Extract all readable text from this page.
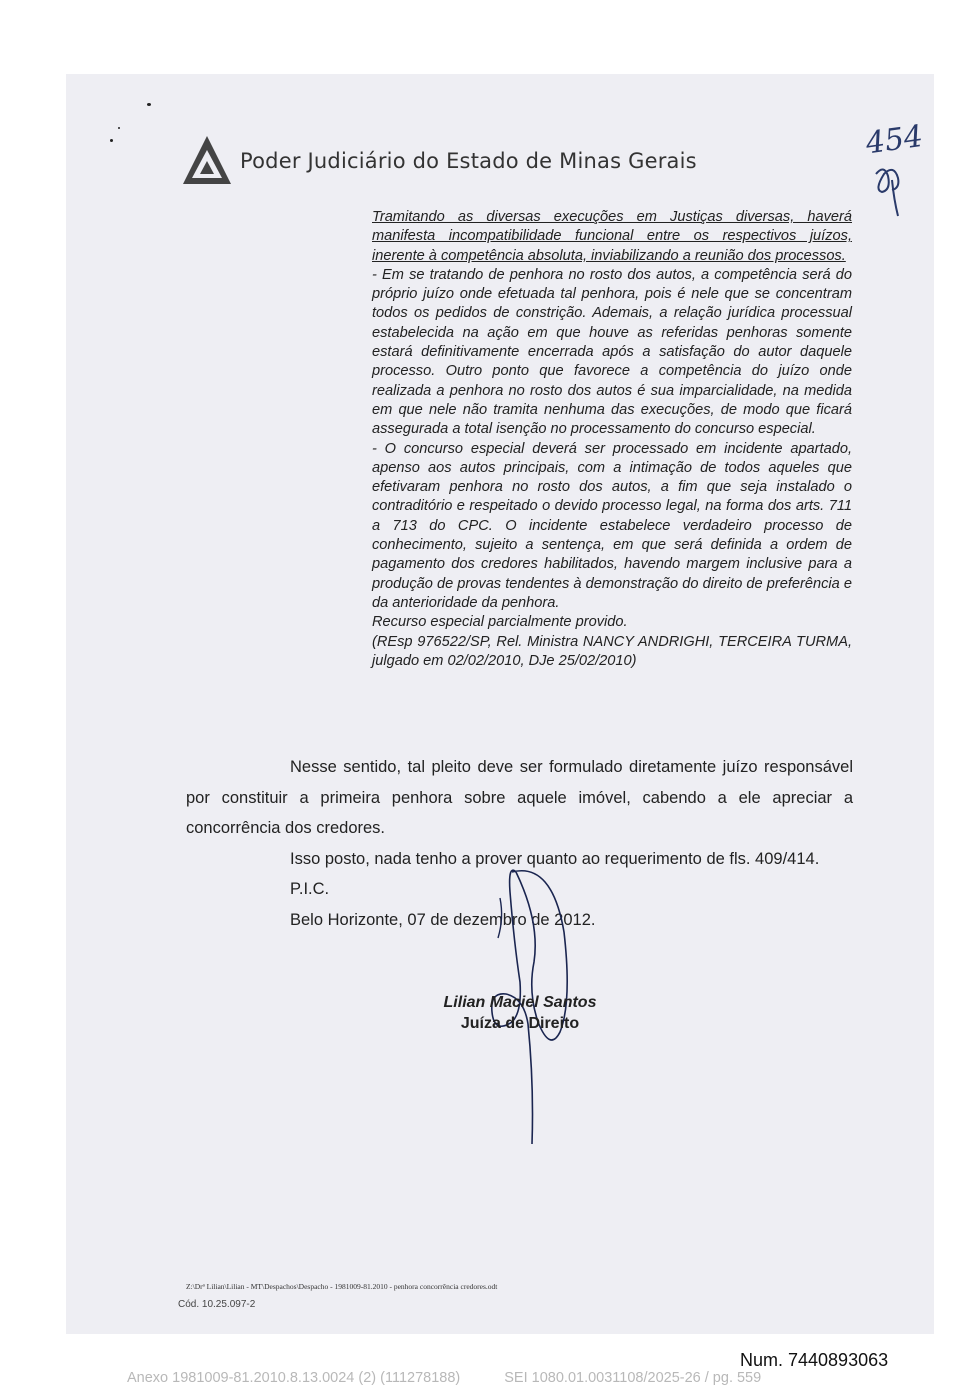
Poder Judiciário do Estado de Minas Gerais	454

Tramitando as diversas execuções em Justiças diversas, haverá manifesta incompatibilidade funcional entre os respectivos juízos, inerente à competência absoluta, inviabilizando a reunião dos processos.

- Em se tratando de penhora no rosto dos autos, a competência será do próprio juízo onde efetuada tal penhora, pois é nele que se concentram todos os pedidos de constrição. Ademais, a relação jurídica processual estabelecida na ação em que houve as referidas penhoras somente estará definitivamente encerrada após a satisfação do autor daquele processo. Outro ponto que favorece a competência do juízo onde realizada a penhora no rosto dos autos é sua imparcialidade, na medida em que nele não tramita nenhuma das execuções, de modo que ficará assegurada a total isenção no processamento do concurso especial.

- O concurso especial deverá ser processado em incidente apartado, apenso aos autos principais, com a intimação de todos aqueles que efetivaram penhora no rosto dos autos, a fim que seja instalado o contraditório e respeitado o devido processo legal, na forma dos arts. 711 a 713 do CPC. O incidente estabelece verdadeiro processo de conhecimento, sujeito a sentença, em que será definida a ordem de pagamento dos credores habilitados, havendo margem inclusive para a produção de provas tendentes à demonstração do direito de preferência e da anterioridade da penhora.

Recurso especial parcialmente provido.

(REsp 976522/SP, Rel. Ministra NANCY ANDRIGHI, TERCEIRA TURMA, julgado em 02/02/2010, DJe 25/02/2010)

Nesse sentido, tal pleito deve ser formulado diretamente juízo responsável por constituir a primeira penhora sobre aquele imóvel, cabendo a ele apreciar a concorrência dos credores.

Isso posto, nada tenho a prover quanto ao requerimento de fls. 409/414.

P.I.C.

Belo Horizonte, 07 de dezembro de 2012.

Lilian Maciel Santos
Juíza de Direito
Z:\Drª Lilian\Lilian - MT\Despachos\Despacho - 1981009-81.2010 - penhora concorrência credores.odt
Cód. 10.25.097-2
Num. 7440893063
Anexo 1981009-81.2010.8.13.0024 (2) (111278188)	SEI 1080.01.0031108/2025-26 / pg. 559
